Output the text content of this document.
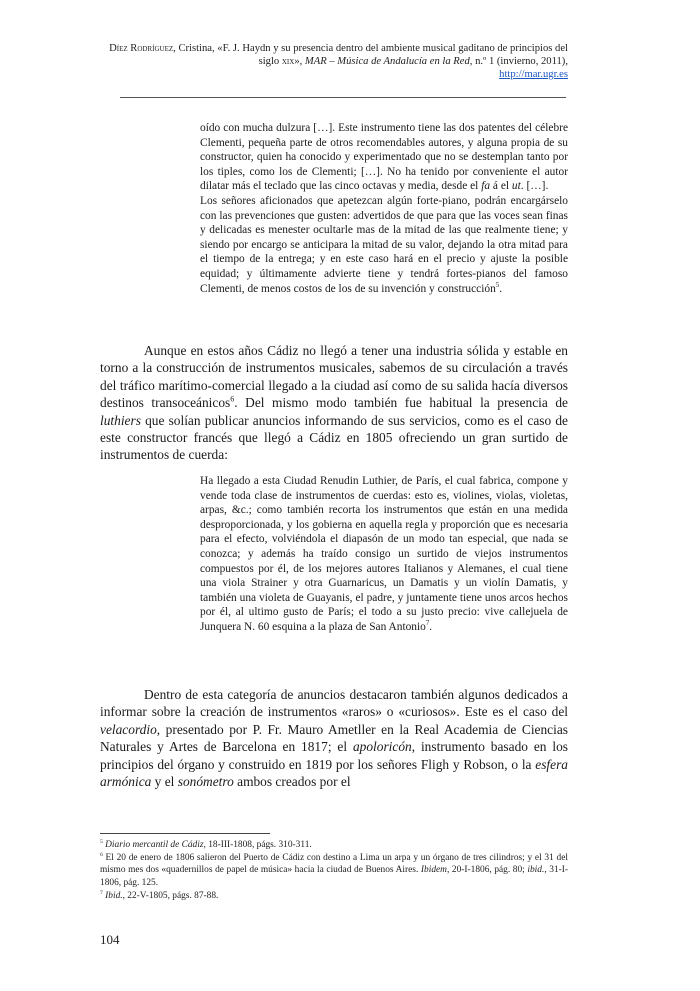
Díez Rodríguez, Cristina, «F. J. Haydn y su presencia dentro del ambiente musical gaditano de principios del siglo xix», MAR – Música de Andalucía en la Red, n.º 1 (invierno, 2011),
http://mar.ugr.es

oído con mucha dulzura […]. Este instrumento tiene las dos patentes del célebre Clementi, pequeña parte de otros recomendables autores, y alguna propia de su constructor, quien ha conocido y experimentado que no se destemplan tanto por los tiples, como los de Clementi; […]. No ha tenido por conveniente el autor dilatar más el teclado que las cinco octavas y media, desde el fa á el ut. […].

Los señores aficionados que apetezcan algún forte-piano, podrán encargárselo con las prevenciones que gusten: advertidos de que para que las voces sean finas y delicadas es menester ocultarle mas de la mitad de las que realmente tiene; y siendo por encargo se anticipara la mitad de su valor, dejando la otra mitad para el tiempo de la entrega; y en este caso hará en el precio y ajuste la posible equidad; y últimamente advierte tiene y tendrá fortes-pianos del famoso Clementi, de menos costos de los de su invención y construcción$^5$.

Aunque en estos años Cádiz no llegó a tener una industria sólida y estable en torno a la construcción de instrumentos musicales, sabemos de su circulación a través del tráfico marítimo-comercial llegado a la ciudad así como de su salida hacía diversos destinos transoceánicos$^6$. Del mismo modo también fue habitual la presencia de luthiers que solían publicar anuncios informando de sus servicios, como es el caso de este constructor francés que llegó a Cádiz en 1805 ofreciendo un gran surtido de instrumentos de cuerda:

Ha llegado a esta Ciudad Renudin Luthier, de París, el cual fabrica, compone y vende toda clase de instrumentos de cuerdas: esto es, violines, violas, violetas, arpas, &c.; como también recorta los instrumentos que están en una medida desproporcionada, y los gobierna en aquella regla y proporción que es necesaria para el efecto, volviéndola el diapasón de un modo tan especial, que nada se conozca; y además ha traído consigo un surtido de viejos instrumentos compuestos por él, de los mejores autores Italianos y Alemanes, el cual tiene una viola Strainer y otra Guarnaricus, un Damatis y un violín Damatis, y también una violeta de Guayanis, el padre, y juntamente tiene unos arcos hechos por él, al ultimo gusto de París; el todo a su justo precio: vive callejuela de Junquera N. 60 esquina a la plaza de San Antonio$^7$.

Dentro de esta categoría de anuncios destacaron también algunos dedicados a informar sobre la creación de instrumentos «raros» o «curiosos». Este es el caso del velacordio, presentado por P. Fr. Mauro Ametller en la Real Academia de Ciencias Naturales y Artes de Barcelona en 1817; el apoloricón, instrumento basado en los principios del órgano y construido en 1819 por los señores Fligh y Robson, o la esfera armónica y el sonómetro ambos creados por el

$^5$ Diario mercantil de Cádiz, 18-III-1808, págs. 310-311.

$^6$ El 20 de enero de 1806 salieron del Puerto de Cádiz con destino a Lima un arpa y un órgano de tres cilindros; y el 31 del mismo mes dos «quadernillos de papel de música» hacia la ciudad de Buenos Aires. Ibidem, 20-I-1806, pág. 80; ibid., 31-I-1806, pág. 125.

$^7$ Ibid., 22-V-1805, págs. 87-88.

104
